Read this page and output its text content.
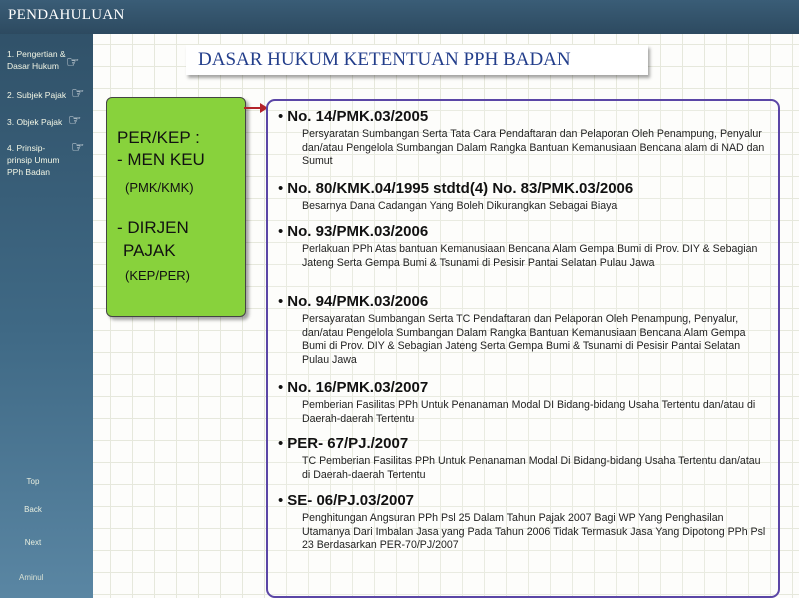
PENDAHULUAN
1. Pengertian & Dasar Hukum ☞
2. Subjek Pajak ☞
3. Objek Pajak ☞
4. Prinsip-prinsip Umum PPh Badan
☞
Top
Back
Next
Aminul
DASAR HUKUM KETENTUAN PPH BADAN
PER/KEP :
- MEN KEU
(PMK/KMK)
- DIRJEN
PAJAK
(KEP/PER)
• No. 14/PMK.03/2005
Persyaratan Sumbangan Serta Tata Cara Pendaftaran dan Pelaporan Oleh Penampung, Penyalur dan/atau Pengelola Sumbangan Dalam Rangka Bantuan Kemanusiaan Bencana alam di NAD dan Sumut
• No. 80/KMK.04/1995 stdtd(4) No. 83/PMK.03/2006
Besarnya Dana Cadangan Yang Boleh Dikurangkan Sebagai Biaya
• No. 93/PMK.03/2006
Perlakuan PPh Atas bantuan Kemanusiaan Bencana Alam Gempa Bumi di Prov. DIY & Sebagian Jateng Serta Gempa Bumi & Tsunami di Pesisir Pantai Selatan Pulau Jawa
• No. 94/PMK.03/2006
Persayaratan Sumbangan Serta TC Pendaftaran dan Pelaporan Oleh Penampung, Penyalur, dan/atau Pengelola Sumbangan Dalam Rangka Bantuan Kemanusiaan Bencana Alam Gempa Bumi di Prov. DIY & Sebagian Jateng Serta Gempa Bumi & Tsunami di Pesisir Pantai Selatan Pulau Jawa
• No. 16/PMK.03/2007
Pemberian Fasilitas PPh Untuk Penanaman Modal DI Bidang-bidang Usaha Tertentu dan/atau di Daerah-daerah Tertentu
• PER- 67/PJ./2007
TC Pemberian Fasilitas PPh Untuk Penanaman Modal Di Bidang-bidang Usaha Tertentu dan/atau di Daerah-daerah Tertentu
• SE- 06/PJ.03/2007
Penghitungan Angsuran PPh Psl 25 Dalam Tahun Pajak 2007 Bagi WP Yang Penghasilan Utamanya Dari Imbalan Jasa yang Pada Tahun 2006 Tidak Termasuk Jasa Yang Dipotong PPh Psl 23 Berdasarkan PER-70/PJ/2007
